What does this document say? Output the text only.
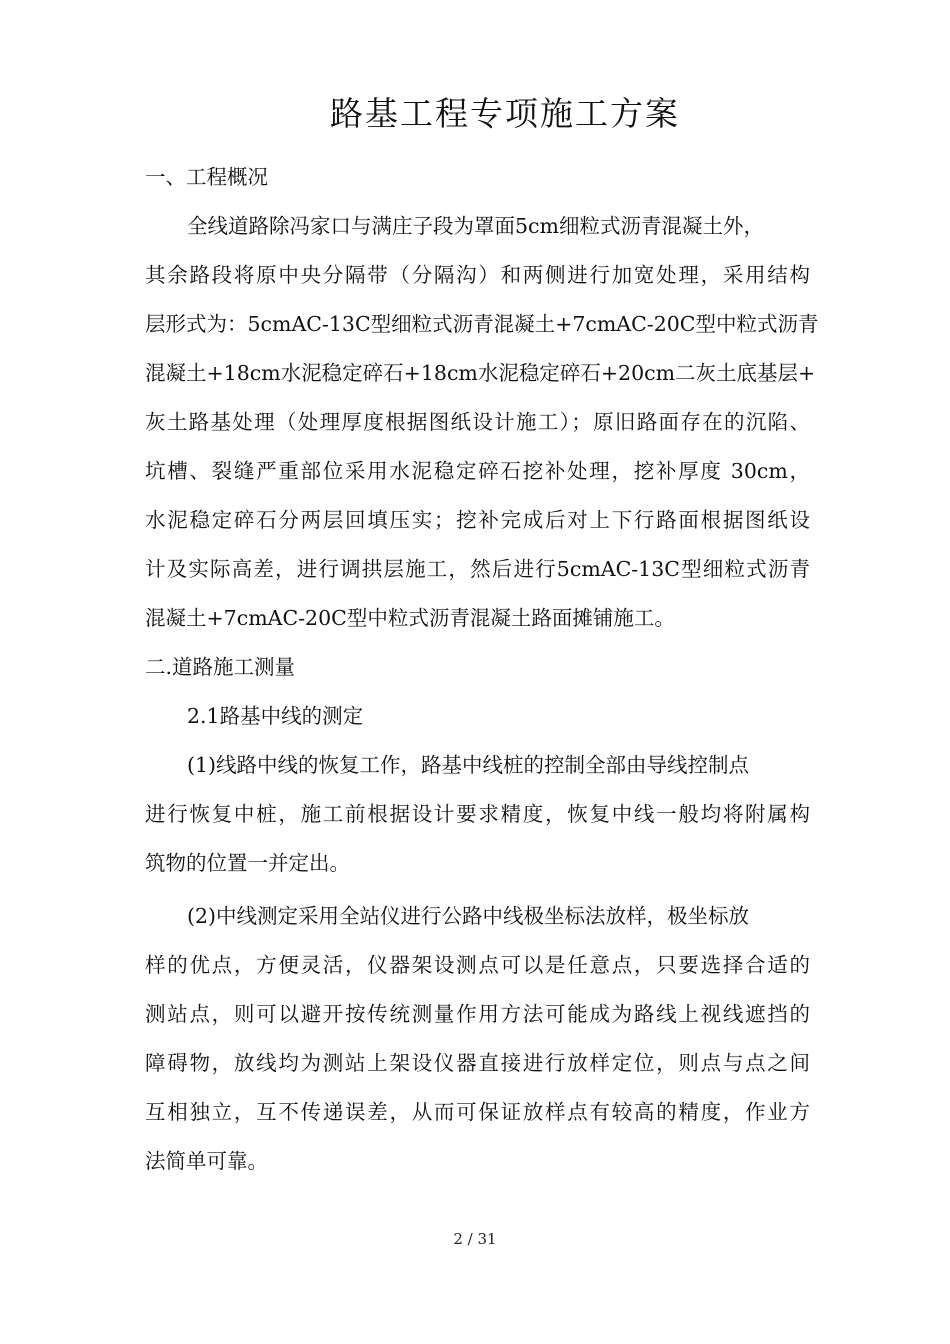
路基工程专项施工方案
一、工程概况
全线道路除冯家口与满庄子段为罩面5cm细粒式沥青混凝土外，
其余路段将原中央分隔带（分隔沟）和两侧进行加宽处理，采用结构
层形式为：5cmAC-13C型细粒式沥青混凝土+7cmAC-20C型中粒式沥青
混凝土+18cm水泥稳定碎石+18cm水泥稳定碎石+20cm二灰土底基层+
灰土路基处理（处理厚度根据图纸设计施工）；原旧路面存在的沉陷、
坑槽、裂缝严重部位采用水泥稳定碎石挖补处理，挖补厚度 30cm，
水泥稳定碎石分两层回填压实；挖补完成后对上下行路面根据图纸设
计及实际高差，进行调拱层施工，然后进行5cmAC-13C型细粒式沥青
混凝土+7cmAC-20C型中粒式沥青混凝土路面摊铺施工。
二.道路施工测量
2.1路基中线的测定
(1)线路中线的恢复工作，路基中线桩的控制全部由导线控制点
进行恢复中桩，施工前根据设计要求精度，恢复中线一般均将附属构
筑物的位置一并定出。
(2)中线测定采用全站仪进行公路中线极坐标法放样，极坐标放
样的优点，方便灵活，仪器架设测点可以是任意点，只要选择合适的
测站点，则可以避开按传统测量作用方法可能成为路线上视线遮挡的
障碍物，放线均为测站上架设仪器直接进行放样定位，则点与点之间
互相独立，互不传递误差，从而可保证放样点有较高的精度，作业方
法简单可靠。
2 / 31
